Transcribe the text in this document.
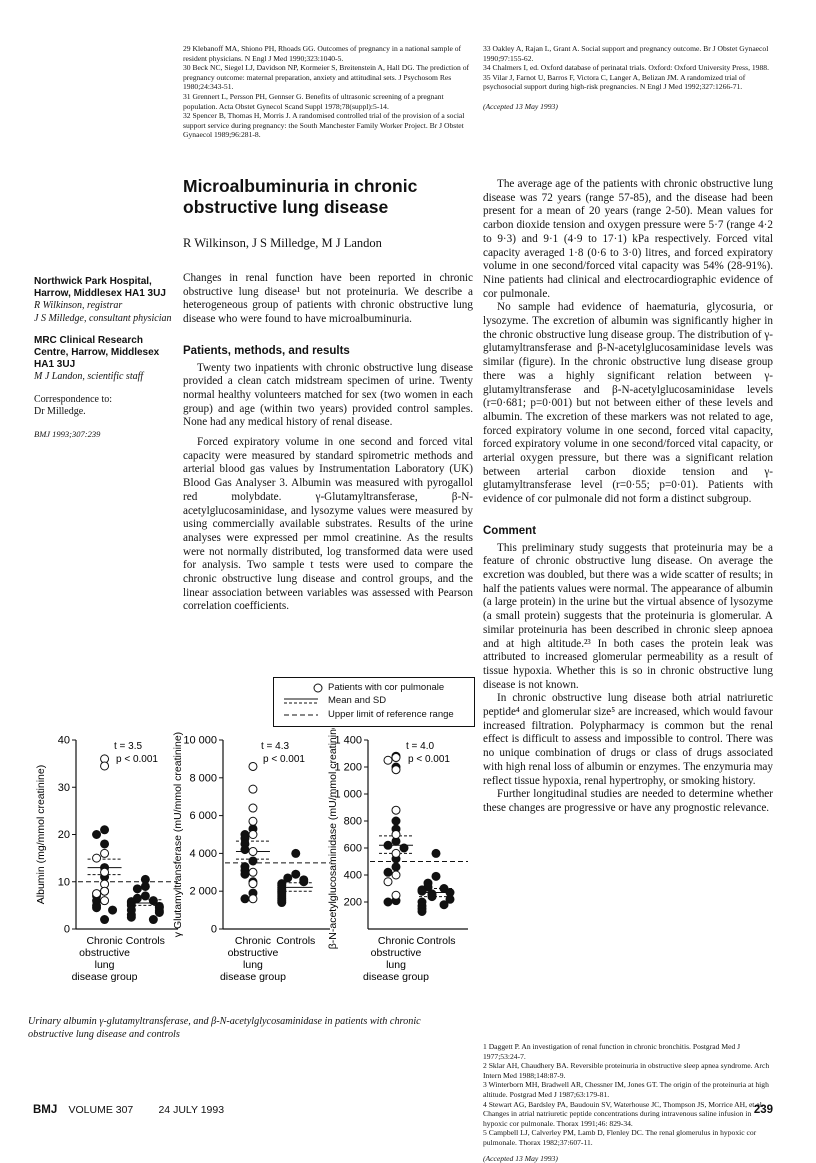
29 Klebanoff MA, Shiono PH, Rhoads GG. Outcomes of pregnancy in a national sample of resident physicians. N Engl J Med 1990;323:1040-5.

30 Beck NC, Siegel LJ, Davidson NP, Kormeier S, Breitenstein A, Hall DG. The prediction of pregnancy outcome: maternal preparation, anxiety and attitudinal sets. J Psychosom Res 1980;24:343-51.

31 Grennert L, Persson PH, Gennser G. Benefits of ultrasonic screening of a pregnant population. Acta Obstet Gynecol Scand Suppl 1978;78(suppl):5-14.

32 Spencer B, Thomas H, Morris J. A randomised controlled trial of the provision of a social support service during pregnancy: the South Manchester Family Worker Project. Br J Obstet Gynaecol 1989;96:281-8.

33 Oakley A, Rajan L, Grant A. Social support and pregnancy outcome. Br J Obstet Gynaecol 1990;97:155-62.

34 Chalmers I, ed. Oxford database of perinatal trials. Oxford: Oxford University Press, 1988.

35 Vilar J, Farnot U, Barros F, Victora C, Langer A, Belizan JM. A randomized trial of psychosocial support during high-risk pregnancies. N Engl J Med 1992;327:1266-71.

(Accepted 13 May 1993)

Microalbuminuria in chronic
obstructive lung disease
R Wilkinson, J S Milledge, M J Landon

Northwick Park Hospital, Harrow, Middlesex HA1 3UJ

R Wilkinson, registrar

J S Milledge, consultant physician

MRC Clinical Research Centre, Harrow, Middlesex HA1 3UJ

M J Landon, scientific staff

Correspondence to:

Dr Milledge.

BMJ 1993;307:239

Changes in renal function have been reported in chronic obstructive lung disease¹ but not proteinuria. We describe a heterogeneous group of patients with chronic obstructive lung disease who were found to have microalbuminuria.

Patients, methods, and results

Twenty two inpatients with chronic obstructive lung disease provided a clean catch midstream specimen of urine. Twenty normal healthy volunteers matched for sex (two women in each group) and age (within two years) provided control samples. None had any medical history of renal disease.

Forced expiratory volume in one second and forced vital capacity were measured by standard spirometric methods and arterial blood gas values by Instrumentation Laboratory (UK) Blood Gas Analyser 3. Albumin was measured with pyrogallol red molybdate. γ-Glutamyltransferase, β-N-acetylglucosaminidase, and lysozyme values were measured by using commercially available substrates. Results of the urine analyses were expressed per mmol creatinine. As the results were not normally distributed, log transformed data were used for analysis. Two sample t tests were used to compare the chronic obstructive lung disease and control groups, and the linear association between variables was assessed with Pearson correlation coefficients.

The average age of the patients with chronic obstructive lung disease was 72 years (range 57-85), and the disease had been present for a mean of 20 years (range 2-50). Mean values for carbon dioxide tension and oxygen pressure were 5·7 (range 4·2 to 9·3) and 9·1 (4·9 to 17·1) kPa respectively. Forced vital capacity averaged 1·8 (0·6 to 3·0) litres, and forced expiratory volume in one second/forced vital capacity was 54% (28-91%). Nine patients had clinical and electrocardiographic evidence of cor pulmonale.

No sample had evidence of haematuria, glycosuria, or lysozyme. The excretion of albumin was significantly higher in the chronic obstructive lung disease group. The distribution of γ-glutamyltransferase and β-N-acetylglucosaminidase levels was similar (figure). In the chronic obstructive lung disease group there was a highly significant relation between γ-glutamyltransferase and β-N-acetylglucosaminidase levels (r=0·681; p=0·001) but not between either of these levels and albumin. The excretion of these markers was not related to age, forced expiratory volume in one second, forced vital capacity, forced expiratory volume in one second/forced vital capacity, or arterial oxygen pressure, but there was a significant relation between arterial carbon dioxide tension and γ-glutamyltransferase level (r=0·55; p=0·01). Patients with evidence of cor pulmonale did not form a distinct subgroup.

Comment

This preliminary study suggests that proteinuria may be a feature of chronic obstructive lung disease. On average the excretion was doubled, but there was a wide scatter of results; in half the patients values were normal. The appearance of albumin (a large protein) in the urine but the virtual absence of lysozyme (a small protein) suggests that the proteinuria is glomerular. A similar proteinuria has been described in chronic sleep apnoea and at high altitude.²³ In both cases the protein leak was attributed to increased glomerular permeability as a result of tissue hypoxia. Whether this is so in chronic obstructive lung disease is not known.

In chronic obstructive lung disease both atrial natriuretic peptide⁴ and glomerular size⁵ are increased, which would favour increased filtration. Polypharmacy is common but the renal effect is difficult to assess and impossible to control. There was no unique combination of drugs or class of drugs associated with high renal loss of albumin or enzymes. The enzymuria may reflect tissue hypoxia, renal hypertrophy, or smoking history.

Further longitudinal studies are needed to determine whether these changes are progressive or have any prognostic relevance.

1 Daggett P. An investigation of renal function in chronic bronchitis. Postgrad Med J 1977;53:24-7.

2 Sklar AH, Chaudhery BA. Reversible proteinuria in obstructive sleep apnea syndrome. Arch Intern Med 1988;148:87-9.

3 Winterborn MH, Bradwell AR, Chessner IM, Jones GT. The origin of the proteinuria at high altitude. Postgrad Med J 1987;63:179-81.

4 Stewart AG, Bardsley PA, Baudouin SV, Waterhouse JC, Thompson JS, Morrice AH, et al. Changes in atrial natriuretic peptide concentrations during intravenous saline infusion in hypoxic cor pulmonale. Thorax 1991;46: 829-34.

5 Campbell LJ, Calverley PM, Lamb D, Flenley DC. The renal glomerulus in hypoxic cor pulmonale. Thorax 1982;37:607-11.

(Accepted 13 May 1993)

Patients with cor pulmonale
Mean and SD
Upper limit of reference range
0
10
20
30
40
Albumin (mg/mmol creatinine)
t = 3.5
p < 0.001
Chronic
obstructive
lung
disease group
Controls
0
2 000
4 000
6 000
8 000
10 000
γ Glutamyltransferase (mU/mmol creatinine)	t = 4.3
p < 0.001
Chronic
obstructive
lung
disease group
Controls
200
400
600
800
1 000
1 200
1 400
β-N-acetylglucosaminidase (mU/mmol creatinine)	t = 4.0
p < 0.001
Chronic
obstructive
lung
disease group
Controls
Urinary albumin γ-glutamyltransferase, and β-N-acetylglycosaminidase in patients with chronic obstructive lung disease and controls
BMJ VOLUME 307 24 JULY 1993	239
